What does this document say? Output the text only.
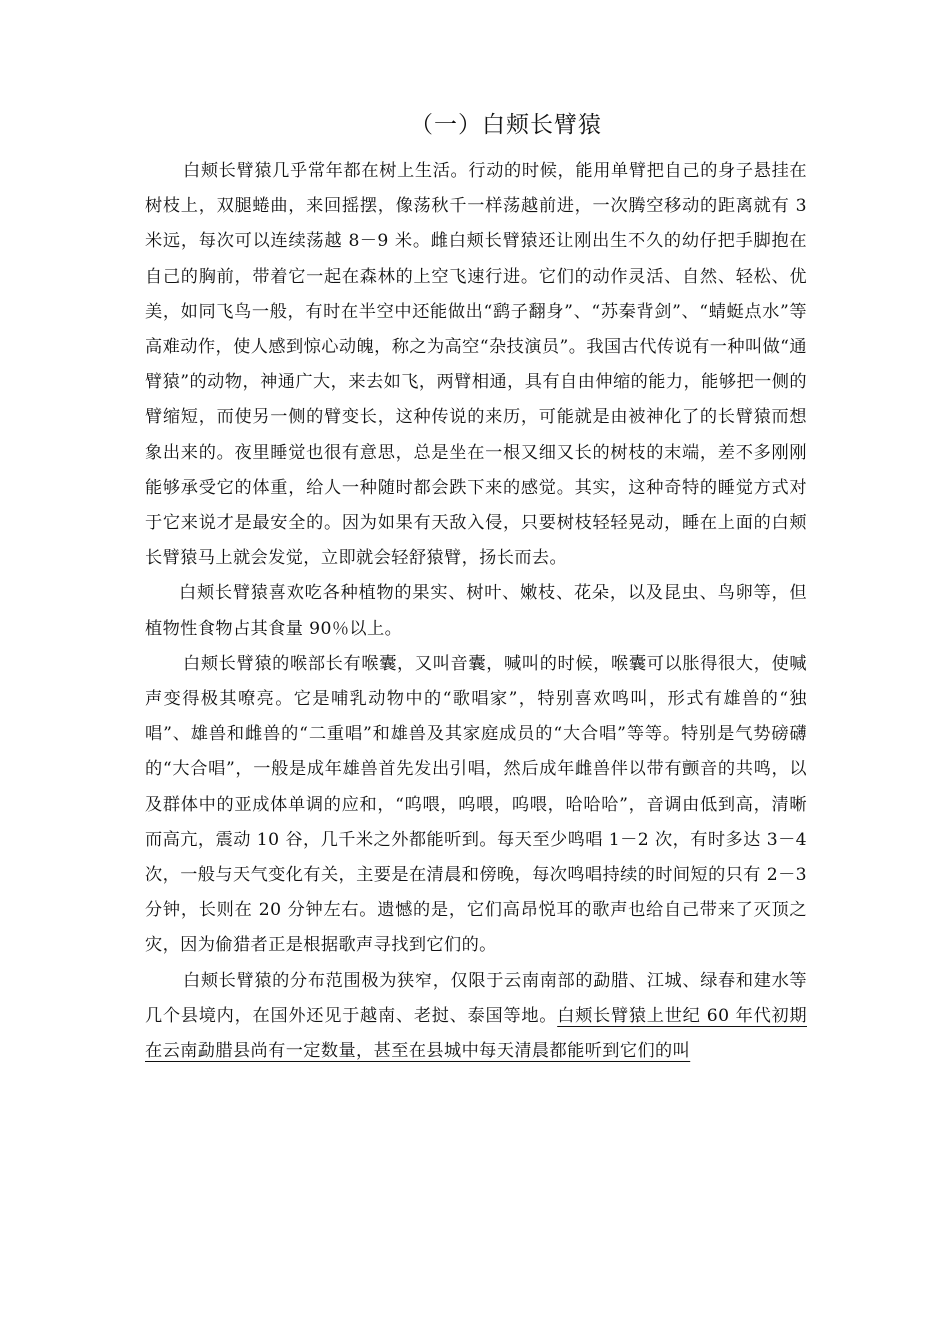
（一）白颊长臂猿

白颊长臂猿几乎常年都在树上生活。行动的时候，能用单臂把自己的身子悬挂在树枝上，双腿蜷曲，来回摇摆，像荡秋千一样荡越前进，一次腾空移动的距离就有 3 米远，每次可以连续荡越 8－9 米。雌白颊长臂猿还让刚出生不久的幼仔把手脚抱在自己的胸前，带着它一起在森林的上空飞速行进。它们的动作灵活、自然、轻松、优美，如同飞鸟一般，有时在半空中还能做出“鹞子翻身”、“苏秦背剑”、“蜻蜓点水”等高难动作，使人感到惊心动魄，称之为高空“杂技演员”。我国古代传说有一种叫做“通臂猿”的动物，神通广大，来去如飞，两臂相通，具有自由伸缩的能力，能够把一侧的臂缩短，而使另一侧的臂变长，这种传说的来历，可能就是由被神化了的长臂猿而想象出来的。夜里睡觉也很有意思，总是坐在一根又细又长的树枝的末端，差不多刚刚能够承受它的体重，给人一种随时都会跌下来的感觉。其实，这种奇特的睡觉方式对于它来说才是最安全的。因为如果有天敌入侵，只要树枝轻轻晃动，睡在上面的白颊长臂猿马上就会发觉，立即就会轻舒猿臂，扬长而去。

白颊长臂猿喜欢吃各种植物的果实、树叶、嫩枝、花朵，以及昆虫、鸟卵等，但植物性食物占其食量 90％以上。

白颊长臂猿的喉部长有喉囊，又叫音囊，喊叫的时候，喉囊可以胀得很大，使喊声变得极其嘹亮。它是哺乳动物中的“歌唱家”，特别喜欢鸣叫，形式有雄兽的“独唱”、雄兽和雌兽的“二重唱”和雄兽及其家庭成员的“大合唱”等等。特别是气势磅礴的“大合唱”，一般是成年雄兽首先发出引唱，然后成年雌兽伴以带有颤音的共鸣，以及群体中的亚成体单调的应和，“呜喂，呜喂，呜喂，哈哈哈”，音调由低到高，清晰而高亢，震动 10 谷，几千米之外都能听到。每天至少鸣唱 1－2 次，有时多达 3－4 次，一般与天气变化有关，主要是在清晨和傍晚，每次鸣唱持续的时间短的只有 2－3 分钟，长则在 20 分钟左右。遗憾的是，它们高昂悦耳的歌声也给自己带来了灭顶之灾，因为偷猎者正是根据歌声寻找到它们的。

白颊长臂猿的分布范围极为狭窄，仅限于云南南部的勐腊、江城、绿春和建水等几个县境内，在国外还见于越南、老挝、泰国等地。白颊长臂猿上世纪 60 年代初期在云南勐腊县尚有一定数量，甚至在县城中每天清晨都能听到它们的叫
